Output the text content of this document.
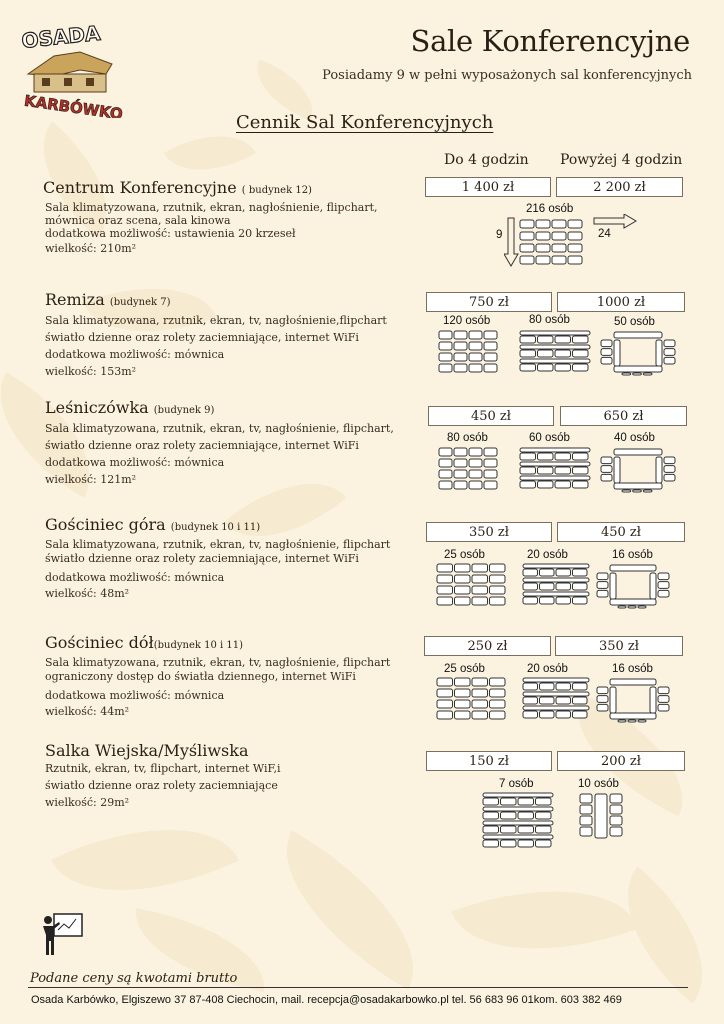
OSADA
KARBÓWKO
Sale Konferencyjne
Posiadamy 9 w pełni wyposażonych sal konferencyjnych
Cennik Sal Konferencyjnych
Do 4 godzin Powyżej 4 godzin
Centrum Konferencyjne ( budynek 12)
Sala klimatyzowana, rzutnik, ekran, nagłośnienie, flipchart,
mównica oraz scena, sala kinowa
dodatkowa możliwość: ustawienia 20 krzeseł
wielkość: 210m²
1 400 zł	2 200 zł
216 osób
9	24
Remiza (budynek 7)
Sala klimatyzowana, rzutnik, ekran, tv, nagłośnienie,flipchart
światło dzienne oraz rolety zaciemniające, internet WiFi
dodatkowa możliwość: mównica
wielkość: 153m²
750 zł	1000 zł
120 osób	80 osób	50 osób
Leśniczówka (budynek 9)
Sala klimatyzowana, rzutnik, ekran, tv, nagłośnienie, flipchart,
światło dzienne oraz rolety zaciemniające, internet WiFi
dodatkowa możliwość: mównica
wielkość: 121m²
450 zł	650 zł
80 osób	60 osób	40 osób
Gościniec góra (budynek 10 i 11)
Sala klimatyzowana, rzutnik, ekran, tv, nagłośnienie, flipchart
światło dzienne oraz rolety zaciemniające, internet WiFi
dodatkowa możliwość: mównica
wielkość: 48m²
350 zł	450 zł
25 osób	20 osób	16 osób
Gościniec dół(budynek 10 i 11)
Sala klimatyzowana, rzutnik, ekran, tv, nagłośnienie, flipchart
ograniczony dostęp do światła dziennego, internet WiFi
dodatkowa możliwość: mównica
wielkość: 44m²
250 zł	350 zł
25 osób	20 osób	16 osób
Salka Wiejska/Myśliwska
Rzutnik, ekran, tv, flipchart, internet WiF,i
światło dzienne oraz rolety zaciemniające
wielkość: 29m²
150 zł	200 zł
7 osób	10 osób
Podane ceny są kwotami brutto
Osada Karbówko, Elgiszewo 37 87-408 Ciechocin, mail. recepcja@osadakarbowko.pl tel. 56 683 96 01kom. 603 382 469
